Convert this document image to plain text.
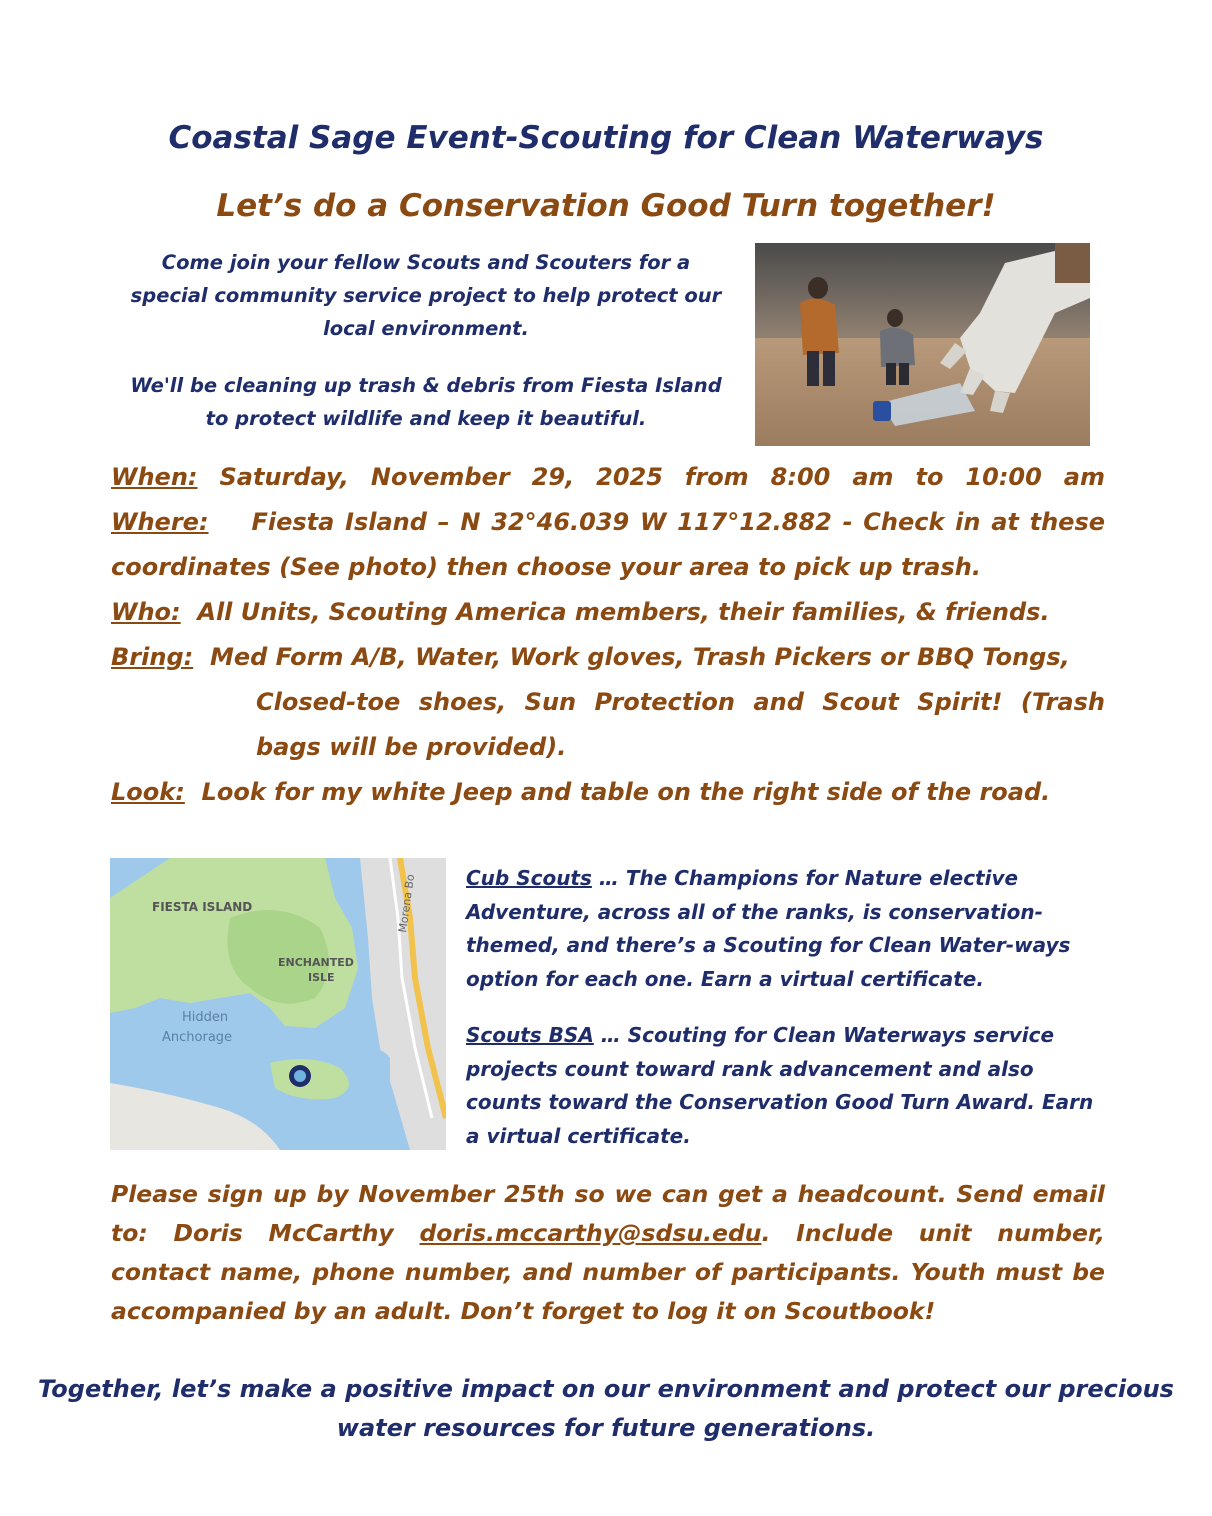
Coastal Sage Event-Scouting for Clean Waterways
Let’s do a Conservation Good Turn together!

Come join your fellow Scouts and Scouters for a special community service project to help protect our local environment.

We'll be cleaning up trash & debris from Fiesta Island to protect wildlife and keep it beautiful.

When: Saturday, November 29, 2025 from 8:00 am to 10:00 am

Where: Fiesta Island – N 32°46.039 W 117°12.882 - Check in at these coordinates (See photo) then choose your area to pick up trash.

Who: All Units, Scouting America members, their families, & friends.

Bring: Med Form A/B, Water, Work gloves, Trash Pickers or BBQ Tongs,
Closed-toe shoes, Sun Protection and Scout Spirit! (Trash bags will be provided).

Look: Look for my white Jeep and table on the right side of the road.

FIESTA ISLAND
ENCHANTED
ISLE
Hidden
Anchorage
Morena Bo Cub Scouts … The Champions for Nature elective Adventure, across all of the ranks, is conservation-themed, and there’s a Scouting for Clean Water-ways option for each one. Earn a virtual certificate.

Scouts BSA … Scouting for Clean Waterways service projects count toward rank advancement and also counts toward the Conservation Good Turn Award. Earn a virtual certificate.

Please sign up by November 25th so we can get a headcount. Send email to: Doris McCarthy doris.mccarthy@sdsu.edu. Include unit number, contact name, phone number, and number of participants. Youth must be accompanied by an adult. Don’t forget to log it on Scoutbook!

Together, let’s make a positive impact on our environment and protect our precious water resources for future generations.
